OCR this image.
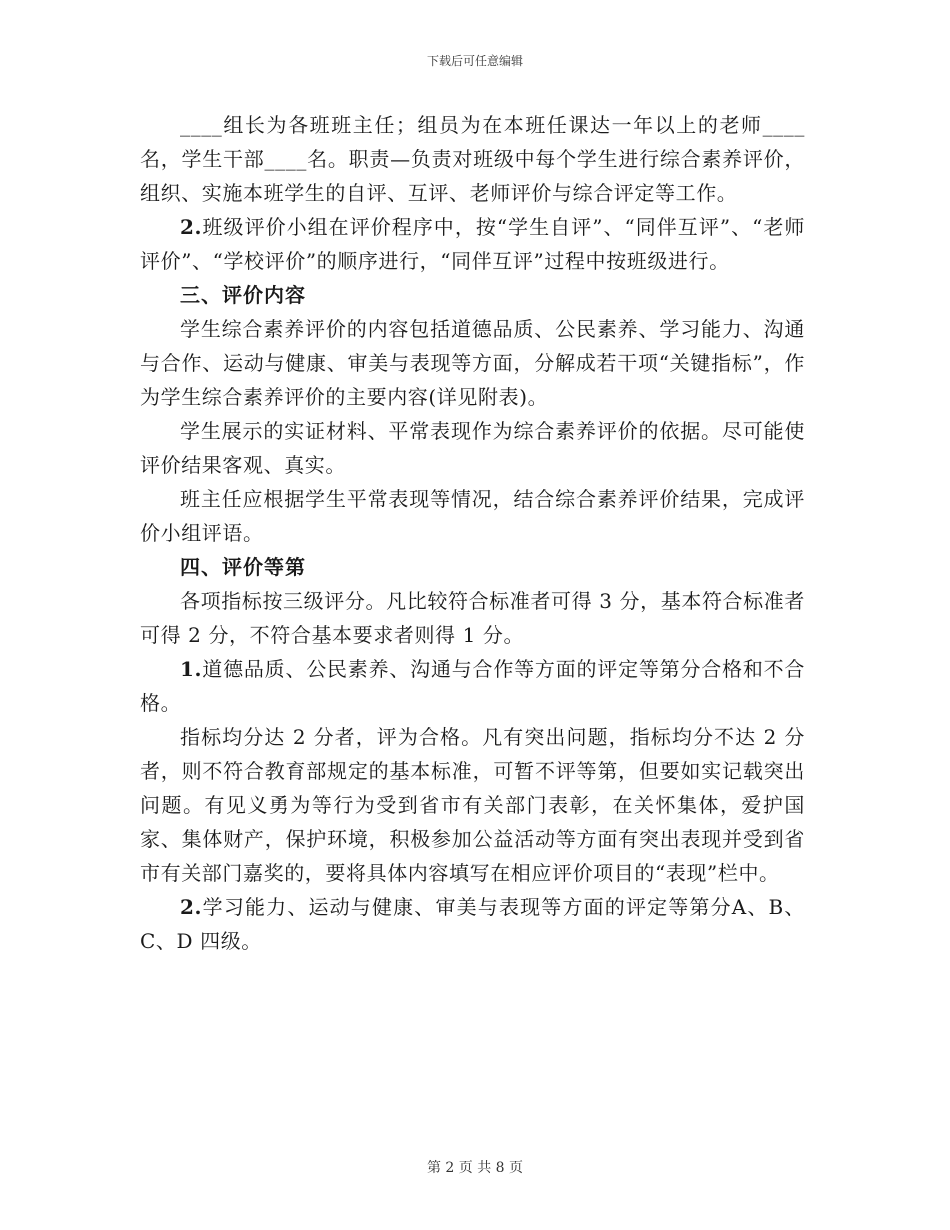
下载后可任意编辑

____组长为各班班主任；组员为在本班任课达一年以上的老师____名，学生干部____名。职责—负责对班级中每个学生进行综合素养评价，组织、实施本班学生的自评、互评、老师评价与综合评定等工作。

2.班级评价小组在评价程序中，按“学生自评”、“同伴互评”、“老师评价”、“学校评价”的顺序进行，“同伴互评”过程中按班级进行。

三、评价内容

学生综合素养评价的内容包括道德品质、公民素养、学习能力、沟通与合作、运动与健康、审美与表现等方面，分解成若干项“关键指标”，作为学生综合素养评价的主要内容(详见附表)。

学生展示的实证材料、平常表现作为综合素养评价的依据。尽可能使评价结果客观、真实。

班主任应根据学生平常表现等情况，结合综合素养评价结果，完成评价小组评语。

四、评价等第

各项指标按三级评分。凡比较符合标准者可得 3 分，基本符合标准者可得 2 分，不符合基本要求者则得 1 分。

1.道德品质、公民素养、沟通与合作等方面的评定等第分合格和不合格。

指标均分达 2 分者，评为合格。凡有突出问题，指标均分不达 2 分者，则不符合教育部规定的基本标准，可暂不评等第，但要如实记载突出问题。有见义勇为等行为受到省市有关部门表彰，在关怀集体，爱护国家、集体财产，保护环境，积极参加公益活动等方面有突出表现并受到省市有关部门嘉奖的，要将具体内容填写在相应评价项目的“表现”栏中。

2.学习能力、运动与健康、审美与表现等方面的评定等第分A、B、C、D 四级。

第 2 页 共 8 页
